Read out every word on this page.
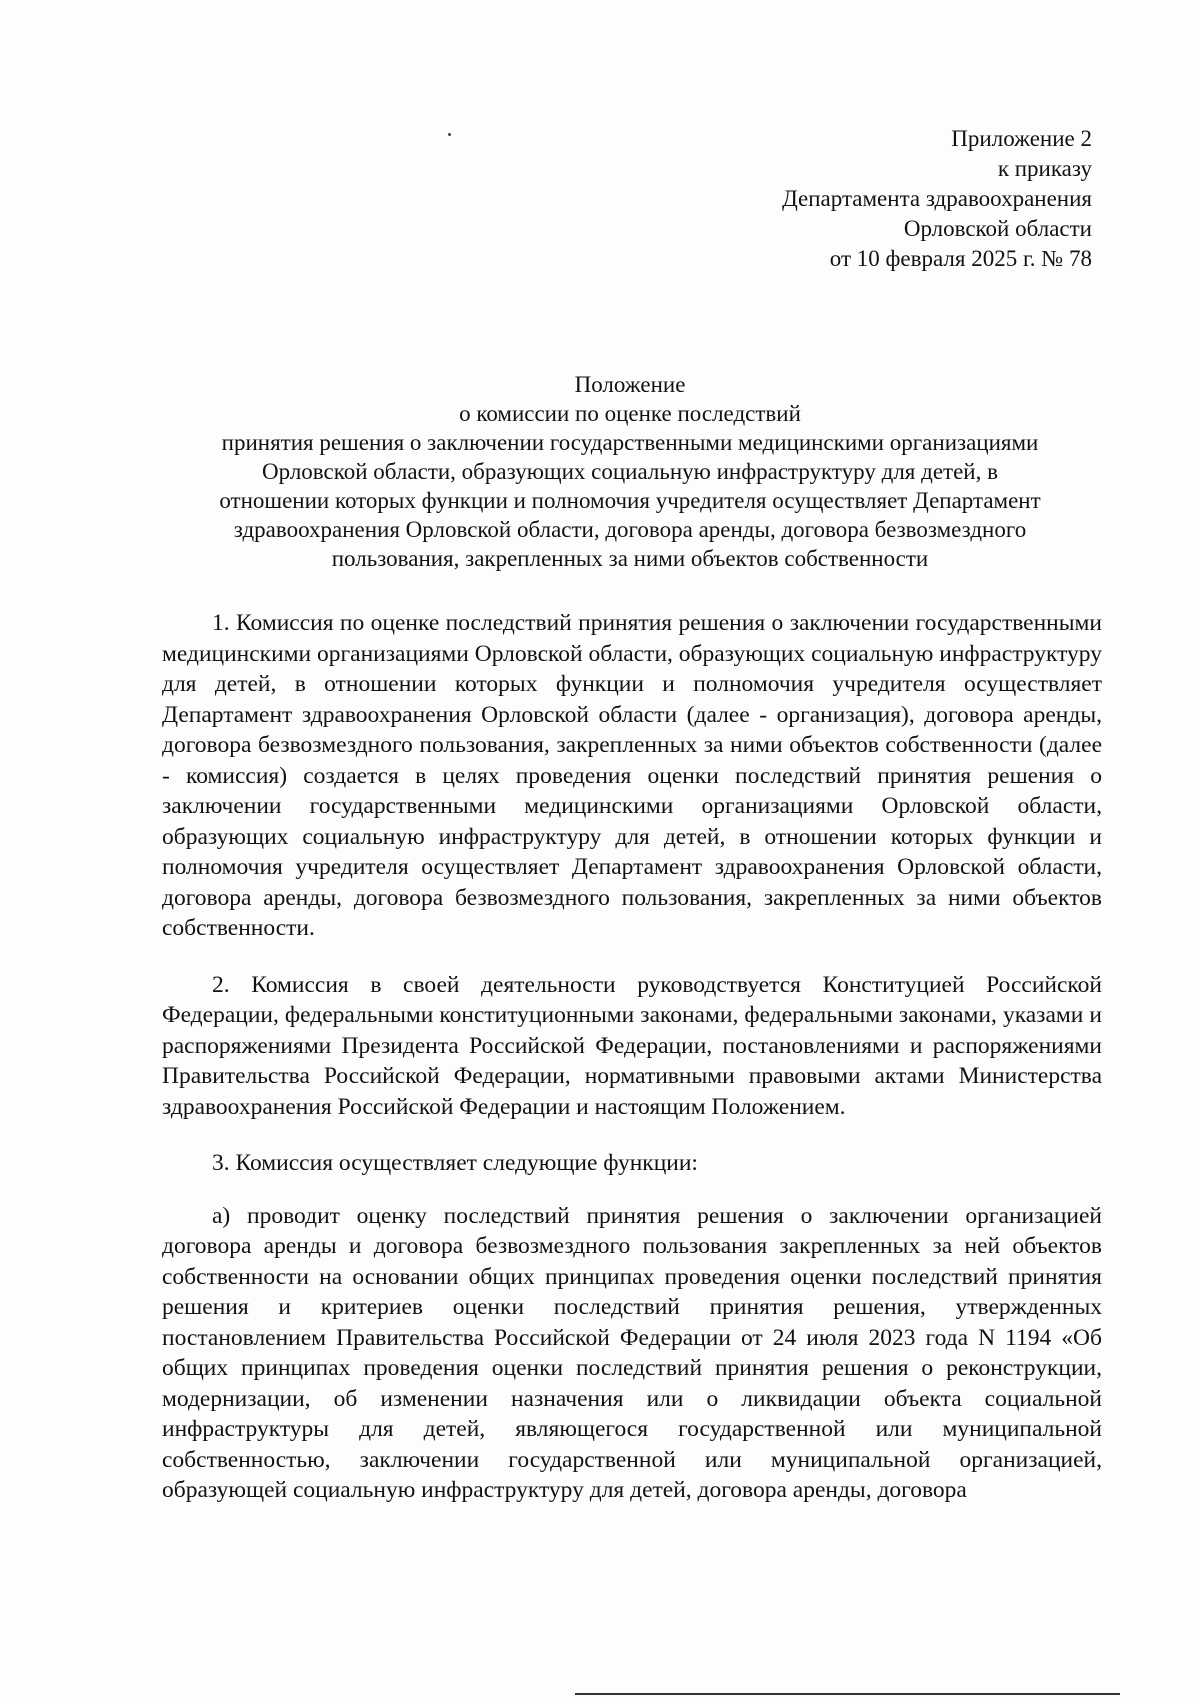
Приложение 2
к приказу
Департамента здравоохранения
Орловской области
от 10 февраля 2025 г. № 78
Положение
о комиссии по оценке последствий
принятия решения о заключении государственными медицинскими организациями
Орловской области, образующих социальную инфраструктуру для детей, в
отношении которых функции и полномочия учредителя осуществляет Департамент
здравоохранения Орловской области, договора аренды, договора безвозмездного
пользования, закрепленных за ними объектов собственности

1. Комиссия по оценке последствий принятия решения о заключении государственными медицинскими организациями Орловской области, образующих социальную инфраструктуру для детей, в отношении которых функции и полномочия учредителя осуществляет Департамент здравоохранения Орловской области (далее - организация), договора аренды, договора безвозмездного пользования, закрепленных за ними объектов собственности (далее - комиссия) создается в целях проведения оценки последствий принятия решения о заключении государственными медицинскими организациями Орловской области, образующих социальную инфраструктуру для детей, в отношении которых функции и полномочия учредителя осуществляет Департамент здравоохранения Орловской области, договора аренды, договора безвозмездного пользования, закрепленных за ними объектов собственности.

2. Комиссия в своей деятельности руководствуется Конституцией Российской Федерации, федеральными конституционными законами, федеральными законами, указами и распоряжениями Президента Российской Федерации, постановлениями и распоряжениями Правительства Российской Федерации, нормативными правовыми актами Министерства здравоохранения Российской Федерации и настоящим Положением.

3. Комиссия осуществляет следующие функции:

а) проводит оценку последствий принятия решения о заключении организацией договора аренды и договора безвозмездного пользования закрепленных за ней объектов собственности на основании общих принципах проведения оценки последствий принятия решения и критериев оценки последствий принятия решения, утвержденных постановлением Правительства Российской Федерации от 24 июля 2023 года N 1194 «Об общих принципах проведения оценки последствий принятия решения о реконструкции, модернизации, об изменении назначения или о ликвидации объекта социальной инфраструктуры для детей, являющегося государственной или муниципальной собственностью, заключении государственной или муниципальной организацией, образующей социальную инфраструктуру для детей, договора аренды, договора
